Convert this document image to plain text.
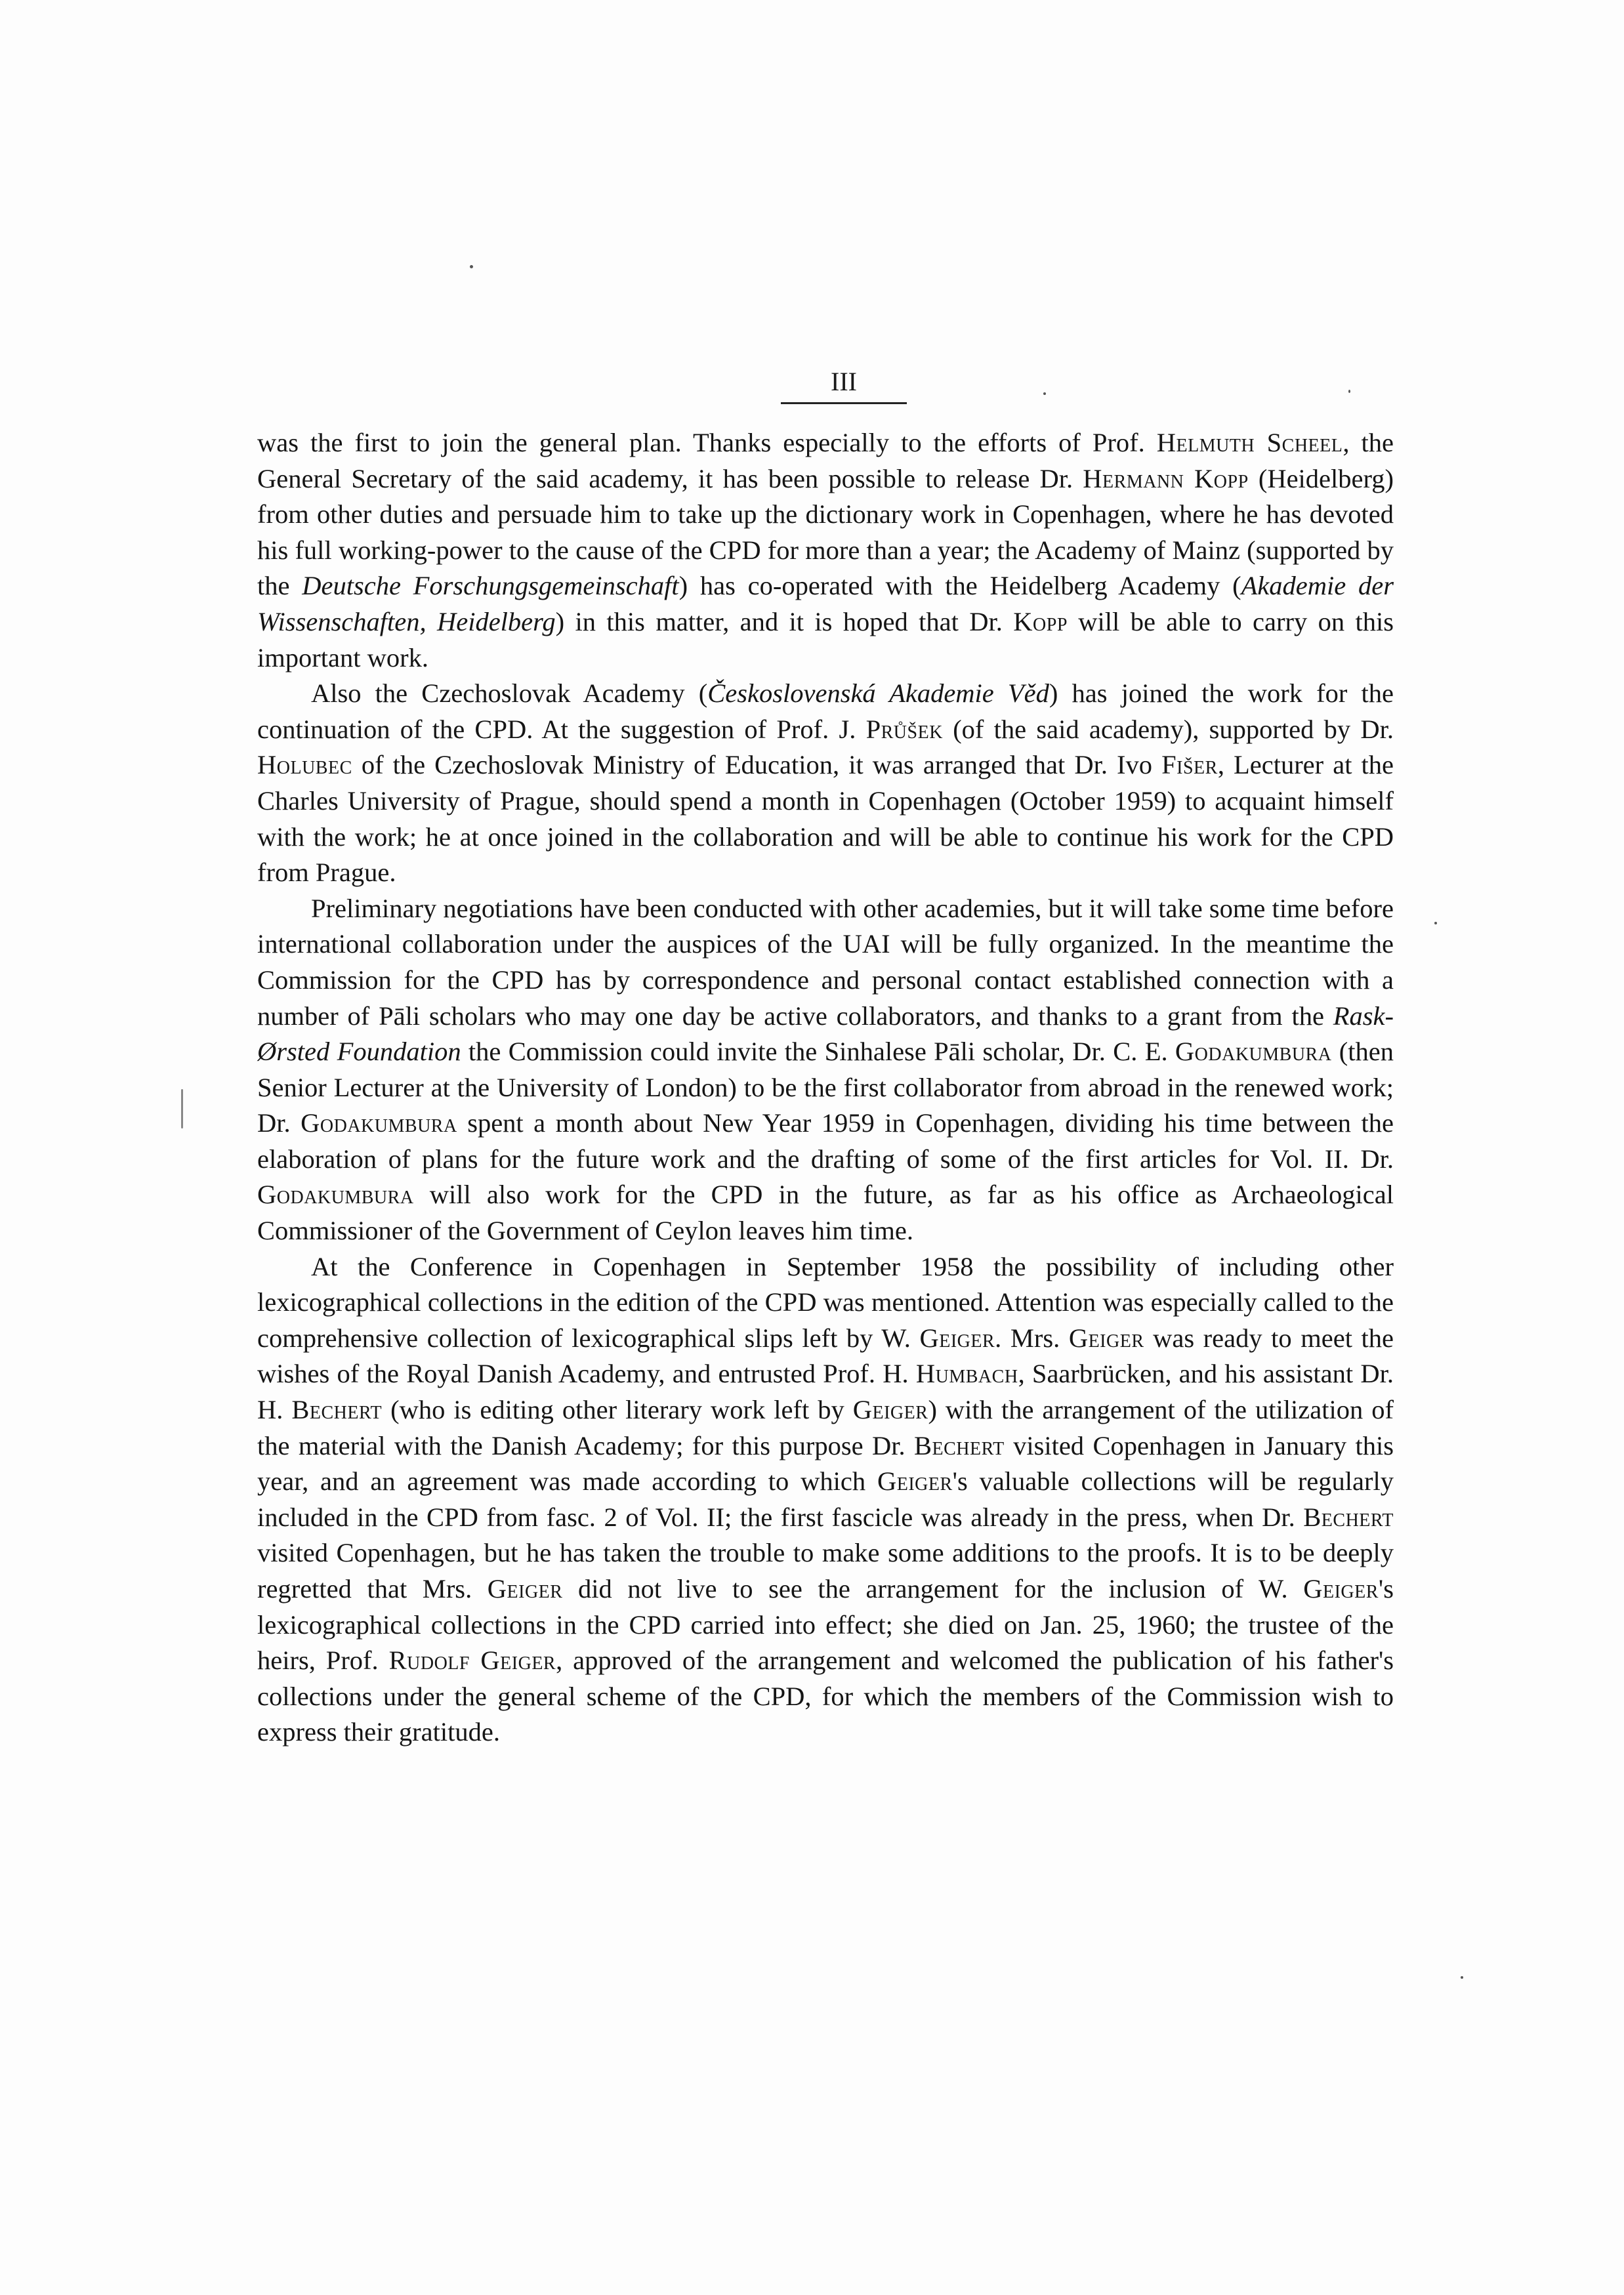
III

was the first to join the general plan. Thanks especially to the efforts of Prof. Helmuth Scheel, the General Secretary of the said academy, it has been possible to release Dr. Hermann Kopp (Heidelberg) from other duties and persuade him to take up the dictionary work in Copenhagen, where he has devoted his full working-power to the cause of the CPD for more than a year; the Academy of Mainz (supported by the Deutsche Forschungsgemeinschaft) has co-operated with the Heidelberg Academy (Akademie der Wissenschaften, Heidelberg) in this matter, and it is hoped that Dr. Kopp will be able to carry on this important work.

Also the Czechoslovak Academy (Československá Akademie Věd) has joined the work for the continuation of the CPD. At the suggestion of Prof. J. Průšek (of the said academy), supported by Dr. Holubec of the Czechoslovak Ministry of Education, it was arranged that Dr. Ivo Fišer, Lecturer at the Charles University of Prague, should spend a month in Copenhagen (October 1959) to acquaint himself with the work; he at once joined in the collaboration and will be able to continue his work for the CPD from Prague.

Preliminary negotiations have been conducted with other academies, but it will take some time before international collaboration under the auspices of the UAI will be fully organized. In the meantime the Commission for the CPD has by correspondence and personal contact established connection with a number of Pāli scholars who may one day be active collaborators, and thanks to a grant from the Rask-Ørsted Foundation the Commission could invite the Sinhalese Pāli scholar, Dr. C. E. Godakumbura (then Senior Lecturer at the University of London) to be the first collaborator from abroad in the renewed work; Dr. Godakumbura spent a month about New Year 1959 in Copenhagen, dividing his time between the elaboration of plans for the future work and the drafting of some of the first articles for Vol. II. Dr. Godakumbura will also work for the CPD in the future, as far as his office as Archaeological Commissioner of the Government of Ceylon leaves him time.

At the Conference in Copenhagen in September 1958 the possibility of including other lexicographical collections in the edition of the CPD was mentioned. Attention was especially called to the comprehensive collection of lexicographical slips left by W. Geiger. Mrs. Geiger was ready to meet the wishes of the Royal Danish Academy, and entrusted Prof. H. Humbach, Saarbrücken, and his assistant Dr. H. Bechert (who is editing other literary work left by Geiger) with the arrangement of the utilization of the material with the Danish Academy; for this purpose Dr. Bechert visited Copenhagen in January this year, and an agreement was made according to which Geiger's valuable collections will be regularly included in the CPD from fasc. 2 of Vol. II; the first fascicle was already in the press, when Dr. Bechert visited Copenhagen, but he has taken the trouble to make some additions to the proofs. It is to be deeply regretted that Mrs. Geiger did not live to see the arrangement for the inclusion of W. Geiger's lexicographical collections in the CPD carried into effect; she died on Jan. 25, 1960; the trustee of the heirs, Prof. Rudolf Geiger, approved of the arrangement and welcomed the publication of his father's collections under the general scheme of the CPD, for which the members of the Commission wish to express their gratitude.
